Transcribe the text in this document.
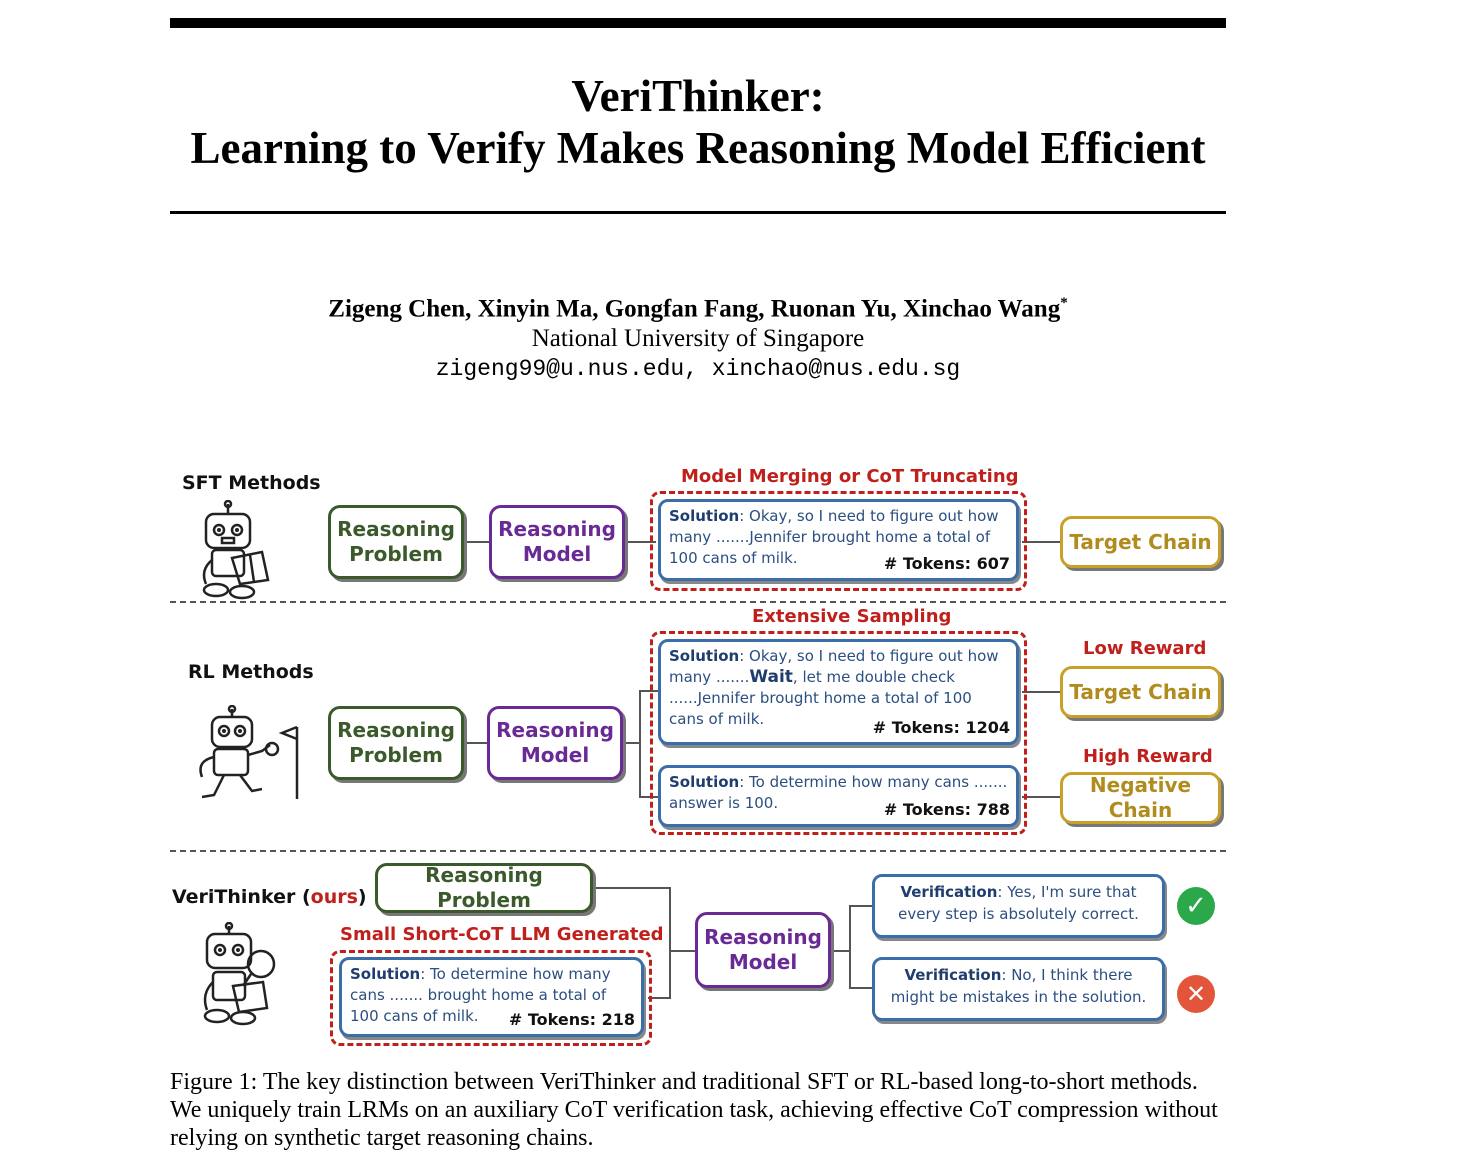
VeriThinker:
Learning to Verify Makes Reasoning Model Efficient
Zigeng Chen, Xinyin Ma, Gongfan Fang, Ruonan Yu, Xinchao Wang*
National University of Singapore
zigeng99@u.nus.edu, xinchao@nus.edu.sg
SFT Methods
Reasoning Problem
Reasoning Model
Model Merging or CoT Truncating
Solution: Okay, so I need to figure out how many .......Jennifer brought home a total of 100 cans of milk.	# Tokens: 607
Target Chain
RL Methods
Reasoning Problem
Reasoning Model
Extensive Sampling
Solution: Okay, so I need to figure out how many .......Wait, let me double check ......Jennifer brought home a total of 100 cans of milk.	# Tokens: 1204
Solution: To determine how many cans ....... answer is 100.	# Tokens: 788
Low Reward
Target Chain
High Reward
Negative Chain
VeriThinker (ours)
Reasoning Problem
Small Short-CoT LLM Generated
Solution: To determine how many cans ....... brought home a total of 100 cans of milk. # Tokens: 218
Reasoning Model
Verification: Yes, I'm sure that every step is absolutely correct.
Verification: No, I think there might be mistakes in the solution.
✓
✕
Figure 1: The key distinction between VeriThinker and traditional SFT or RL-based long-to-short methods. We uniquely train LRMs on an auxiliary CoT verification task, achieving effective CoT compression without relying on synthetic target reasoning chains.
